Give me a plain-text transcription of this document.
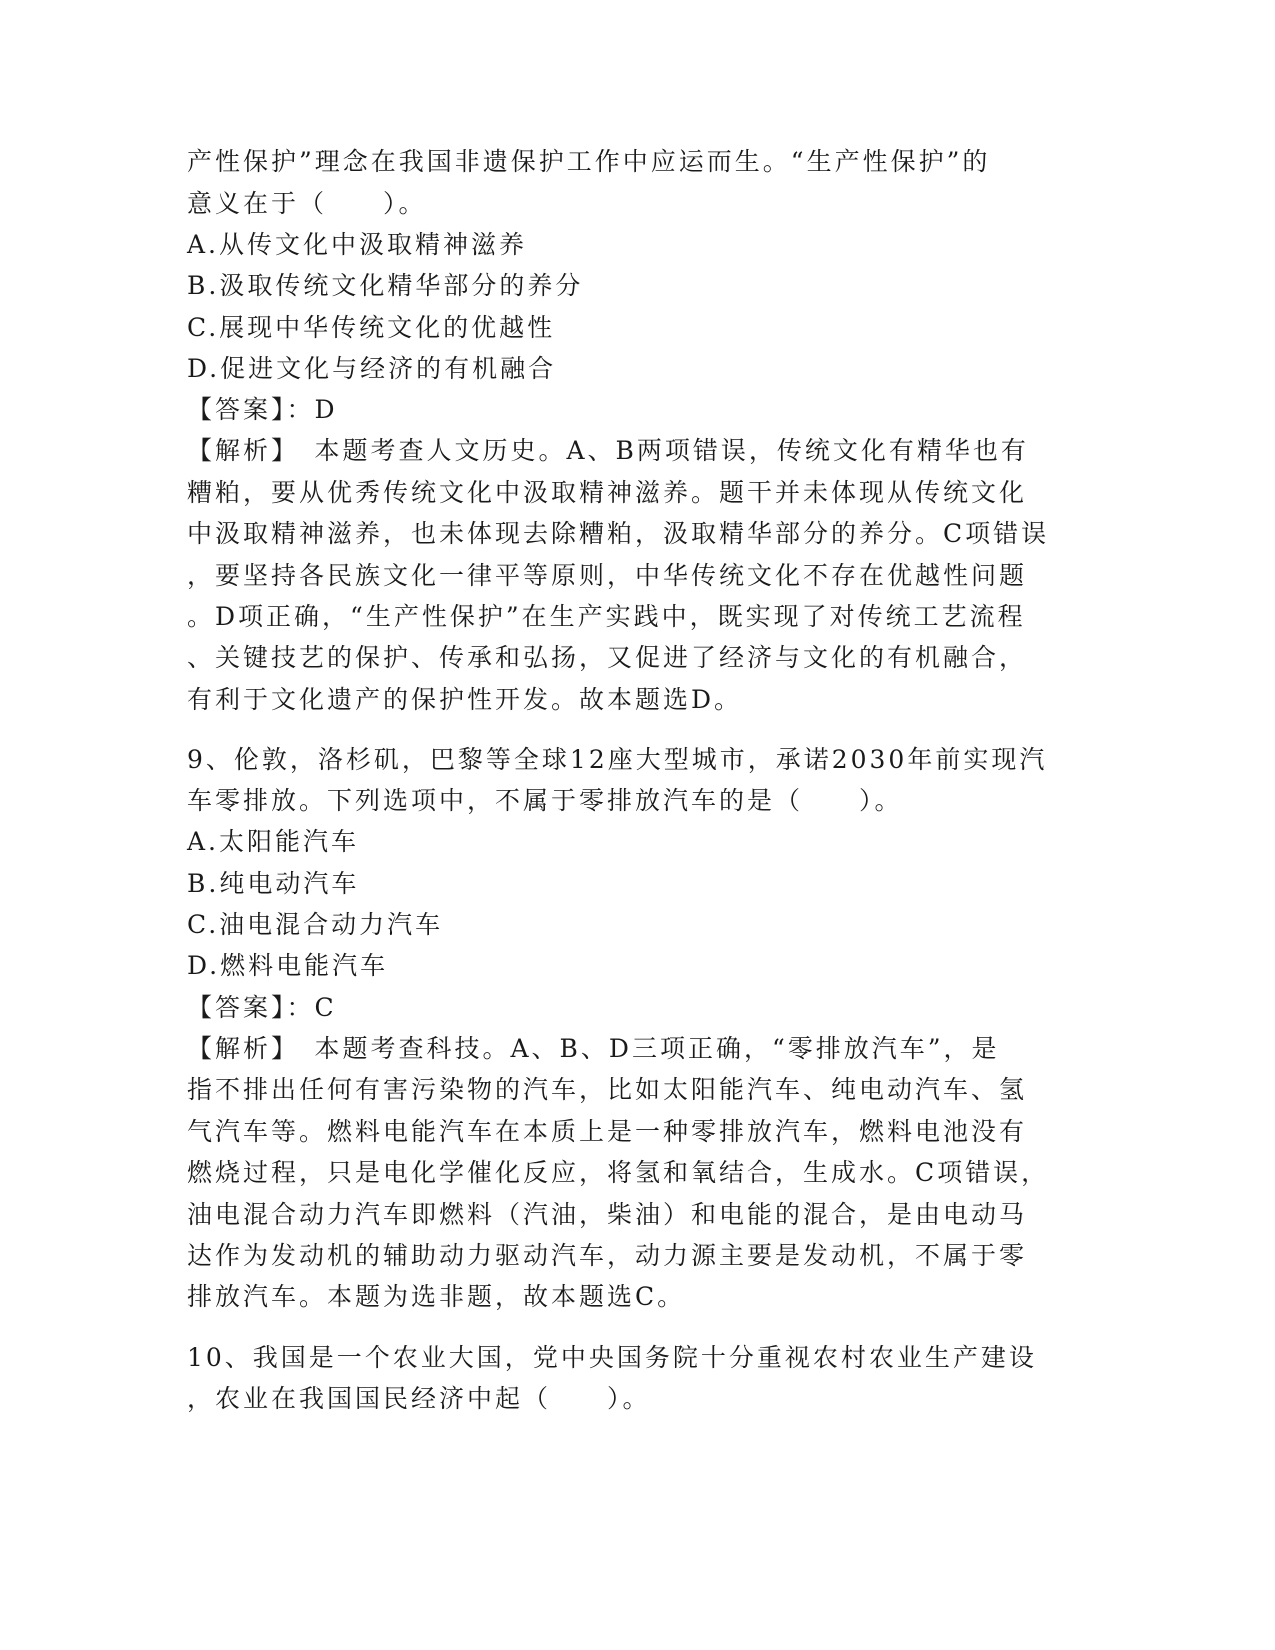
产性保护”理念在我国非遗保护工作中应运而生。“生产性保护”的
意义在于（　　）。
A.从传文化中汲取精神滋养
B.汲取传统文化精华部分的养分
C.展现中华传统文化的优越性
D.促进文化与经济的有机融合
【答案】：D
【解析】　本题考查人文历史。A、B两项错误，传统文化有精华也有
糟粕，要从优秀传统文化中汲取精神滋养。题干并未体现从传统文化
中汲取精神滋养，也未体现去除糟粕，汲取精华部分的养分。C项错误
，要坚持各民族文化一律平等原则，中华传统文化不存在优越性问题
。D项正确，“生产性保护”在生产实践中，既实现了对传统工艺流程
、关键技艺的保护、传承和弘扬，又促进了经济与文化的有机融合，
有利于文化遗产的保护性开发。故本题选D。
9、伦敦，洛杉矶，巴黎等全球12座大型城市，承诺2030年前实现汽
车零排放。下列选项中，不属于零排放汽车的是（　　）。
A.太阳能汽车
B.纯电动汽车
C.油电混合动力汽车
D.燃料电能汽车
【答案】：C
【解析】　本题考查科技。A、B、D三项正确，“零排放汽车”，是
指不排出任何有害污染物的汽车，比如太阳能汽车、纯电动汽车、氢
气汽车等。燃料电能汽车在本质上是一种零排放汽车，燃料电池没有
燃烧过程，只是电化学催化反应，将氢和氧结合，生成水。C项错误，
油电混合动力汽车即燃料（汽油，柴油）和电能的混合，是由电动马
达作为发动机的辅助动力驱动汽车，动力源主要是发动机，不属于零
排放汽车。本题为选非题，故本题选C。
10、我国是一个农业大国，党中央国务院十分重视农村农业生产建设
，农业在我国国民经济中起（　　）。
